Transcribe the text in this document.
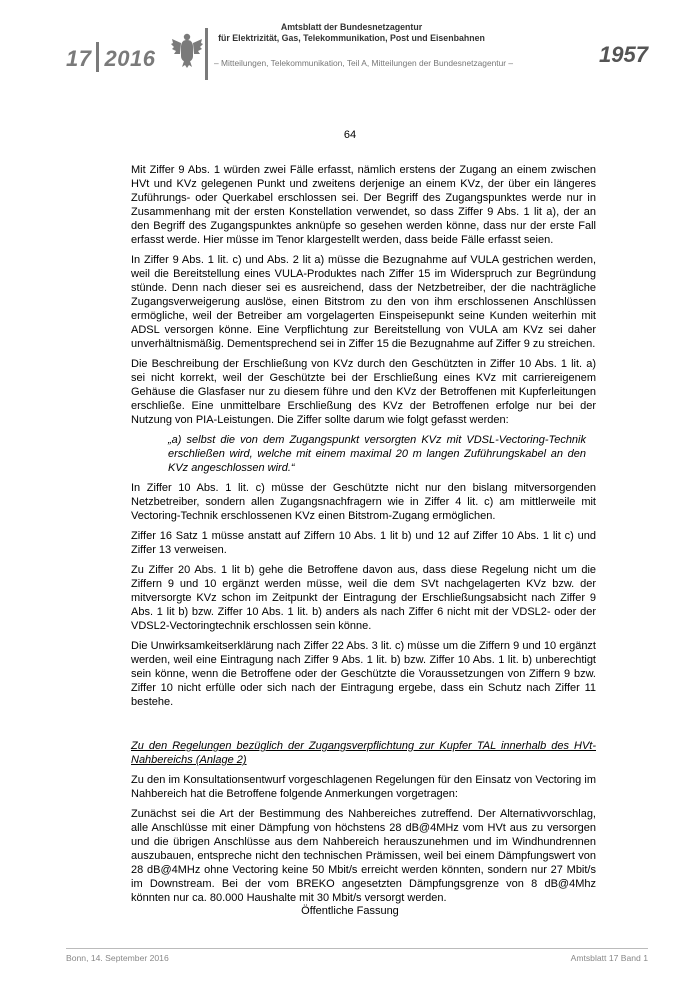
17 2016
Amtsblatt der Bundesnetzagentur
für Elektrizität, Gas, Telekommunikation, Post und Eisenbahnen
– Mitteilungen, Telekommunikation, Teil A, Mitteilungen der Bundesnetzagentur –	1957
64

Mit Ziffer 9 Abs. 1 würden zwei Fälle erfasst, nämlich erstens der Zugang an einem zwischen HVt und KVz gelegenen Punkt und zweitens derjenige an einem KVz, der über ein längeres Zuführungs- oder Querkabel erschlossen sei. Der Begriff des Zugangspunktes werde nur in Zusammenhang mit der ersten Konstellation verwendet, so dass Ziffer 9 Abs. 1 lit a), der an den Begriff des Zugangspunktes anknüpfe so gesehen werden könne, dass nur der erste Fall erfasst werde. Hier müsse im Tenor klargestellt werden, dass beide Fälle erfasst seien.

In Ziffer 9 Abs. 1 lit. c) und Abs. 2 lit a) müsse die Bezugnahme auf VULA gestrichen werden, weil die Bereitstellung eines VULA-Produktes nach Ziffer 15 im Widerspruch zur Begründung stünde. Denn nach dieser sei es ausreichend, dass der Netzbetreiber, der die nachträgliche Zugangsverweigerung auslöse, einen Bitstrom zu den von ihm erschlossenen Anschlüssen ermögliche, weil der Betreiber am vorgelagerten Einspeisepunkt seine Kunden weiterhin mit ADSL versorgen könne. Eine Verpflichtung zur Bereitstellung von VULA am KVz sei daher unverhältnismäßig. Dementsprechend sei in Ziffer 15 die Bezugnahme auf Ziffer 9 zu streichen.

Die Beschreibung der Erschließung von KVz durch den Geschützten in Ziffer 10 Abs. 1 lit. a) sei nicht korrekt, weil der Geschützte bei der Erschließung eines KVz mit carriereigenem Gehäuse die Glasfaser nur zu diesem führe und den KVz der Betroffenen mit Kupferleitungen erschließe. Eine unmittelbare Erschließung des KVz der Betroffenen erfolge nur bei der Nutzung von PIA-Leistungen. Die Ziffer sollte darum wie folgt gefasst werden:

„a) selbst die von dem Zugangspunkt versorgten KVz mit VDSL-Vectoring-Technik erschließen wird, welche mit einem maximal 20 m langen Zuführungskabel an den KVz angeschlossen wird.“

In Ziffer 10 Abs. 1 lit. c) müsse der Geschützte nicht nur den bislang mitversorgenden Netzbetreiber, sondern allen Zugangsnachfragern wie in Ziffer 4 lit. c) am mittlerweile mit Vectoring-Technik erschlossenen KVz einen Bitstrom-Zugang ermöglichen.

Ziffer 16 Satz 1 müsse anstatt auf Ziffern 10 Abs. 1 lit b) und 12 auf Ziffer 10 Abs. 1 lit c) und Ziffer 13 verweisen.

Zu Ziffer 20 Abs. 1 lit b) gehe die Betroffene davon aus, dass diese Regelung nicht um die Ziffern 9 und 10 ergänzt werden müsse, weil die dem SVt nachgelagerten KVz bzw. der mitversorgte KVz schon im Zeitpunkt der Eintragung der Erschließungsabsicht nach Ziffer 9 Abs. 1 lit b) bzw. Ziffer 10 Abs. 1 lit. b) anders als nach Ziffer 6 nicht mit der VDSL2- oder der VDSL2-Vectoringtechnik erschlossen sein könne.

Die Unwirksamkeitserklärung nach Ziffer 22 Abs. 3 lit. c) müsse um die Ziffern 9 und 10 ergänzt werden, weil eine Eintragung nach Ziffer 9 Abs. 1 lit. b) bzw. Ziffer 10 Abs. 1 lit. b) unberechtigt sein könne, wenn die Betroffene oder der Geschützte die Voraussetzungen von Ziffern 9 bzw. Ziffer 10 nicht erfülle oder sich nach der Eintragung ergebe, dass ein Schutz nach Ziffer 11 bestehe.

Zu den Regelungen bezüglich der Zugangsverpflichtung zur Kupfer TAL innerhalb des HVt-Nahbereichs (Anlage 2)

Zu den im Konsultationsentwurf vorgeschlagenen Regelungen für den Einsatz von Vectoring im Nahbereich hat die Betroffene folgende Anmerkungen vorgetragen:

Zunächst sei die Art der Bestimmung des Nahbereiches zutreffend. Der Alternativvorschlag, alle Anschlüsse mit einer Dämpfung von höchstens 28 dB@4MHz vom HVt aus zu versorgen und die übrigen Anschlüsse aus dem Nahbereich herauszunehmen und im Windhundrennen auszubauen, entspreche nicht den technischen Prämissen, weil bei einem Dämpfungswert von 28 dB@4MHz ohne Vectoring keine 50 Mbit/s erreicht werden könnten, sondern nur 27 Mbit/s im Downstream. Bei der vom BREKO angesetzten Dämpfungsgrenze von 8 dB@4Mhz könnten nur ca. 80.000 Haushalte mit 30 Mbit/s versorgt werden.

Öffentliche Fassung
Bonn, 14. September 2016	Amtsblatt 17 Band 1
